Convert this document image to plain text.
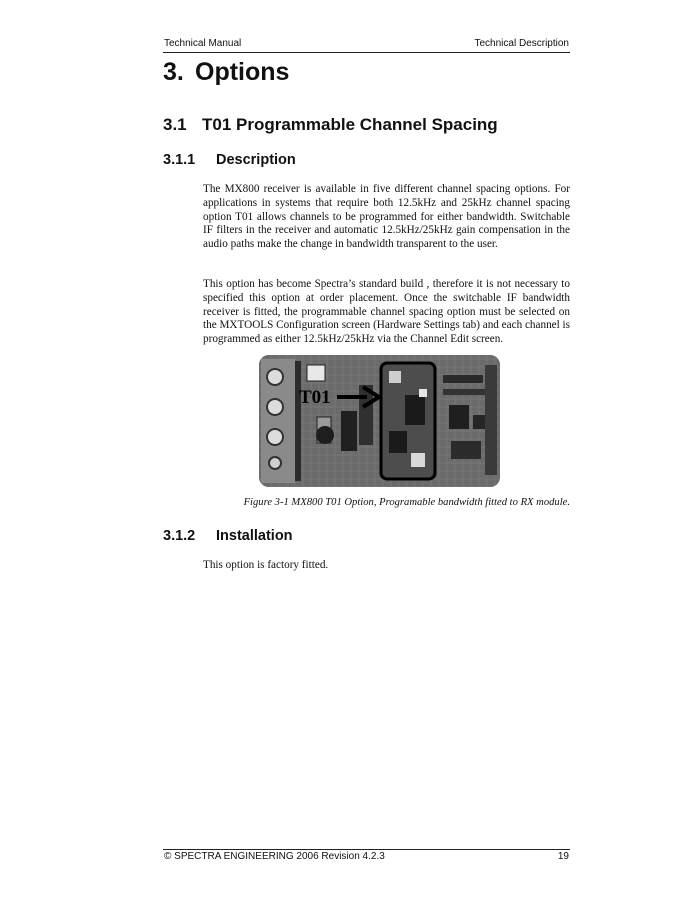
Technical Manual	Technical Description
3. Options
3.1 T01 Programmable Channel Spacing
3.1.1 Description

The MX800 receiver is available in five different channel spacing options. For applications in systems that require both 12.5kHz and 25kHz channel spacing option T01 allows channels to be programmed for either bandwidth. Switchable IF filters in the receiver and automatic 12.5kHz/25kHz gain compensation in the audio paths make the change in bandwidth transparent to the user.

This option has become Spectra’s standard build , therefore it is not necessary to specified this option at order placement. Once the switchable IF bandwidth receiver is fitted, the programmable channel spacing option must be selected on the MXTOOLS Configuration screen (Hardware Settings tab) and each channel is programmed as either 12.5kHz/25kHz via the Channel Edit screen.

T01

Figure 3-1 MX800 T01 Option, Programable bandwidth fitted to RX module.

3.1.2 Installation

This option is factory fitted.

© SPECTRA ENGINEERING 2006 Revision 4.2.3	19
